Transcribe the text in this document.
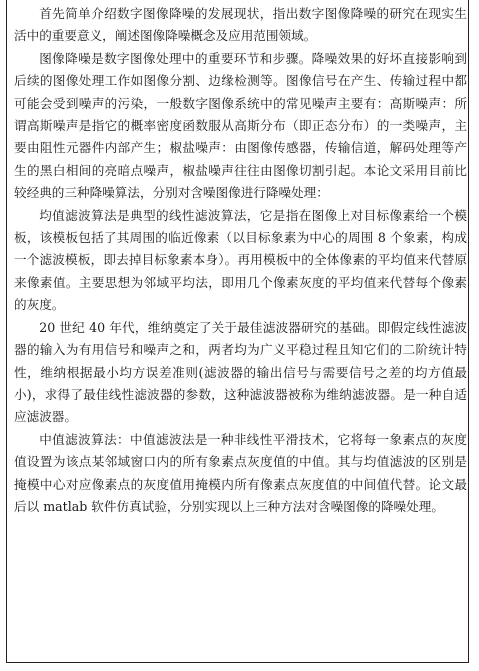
首先简单介绍数字图像降噪的发展现状，指出数字图像降噪的研究在现实生活中的重要意义，阐述图像降噪概念及应用范围领域。

图像降噪是数字图像处理中的重要环节和步骤。降噪效果的好坏直接影响到后续的图像处理工作如图像分割、边缘检测等。图像信号在产生、传输过程中都可能会受到噪声的污染，一般数字图像系统中的常见噪声主要有：高斯噪声：所谓高斯噪声是指它的概率密度函数服从高斯分布（即正态分布）的一类噪声，主要由阻性元器件内部产生；椒盐噪声：由图像传感器，传输信道，解码处理等产生的黑白相间的亮暗点噪声，椒盐噪声往往由图像切割引起。本论文采用目前比较经典的三种降噪算法，分别对含噪图像进行降噪处理：

均值滤波算法是典型的线性滤波算法，它是指在图像上对目标像素给一个模板，该模板包括了其周围的临近像素（以目标象素为中心的周围 8 个象素，构成一个滤波模板，即去掉目标象素本身）。再用模板中的全体像素的平均值来代替原来像素值。主要思想为邻域平均法，即用几个像素灰度的平均值来代替每个像素的灰度。

20 世纪 40 年代，维纳奠定了关于最佳滤波器研究的基础。即假定线性滤波器的输入为有用信号和噪声之和，两者均为广义平稳过程且知它们的二阶统计特性，维纳根据最小均方误差准则(滤波器的输出信号与需要信号之差的均方值最小)，求得了最佳线性滤波器的参数，这种滤波器被称为维纳滤波器。是一种自适应滤波器。

中值滤波算法：中值滤波法是一种非线性平滑技术，它将每一象素点的灰度值设置为该点某邻域窗口内的所有象素点灰度值的中值。其与均值滤波的区别是掩模中心对应像素点的灰度值用掩模内所有像素点灰度值的中间值代替。论文最后以 matlab 软件仿真试验，分别实现以上三种方法对含噪图像的降噪处理。
